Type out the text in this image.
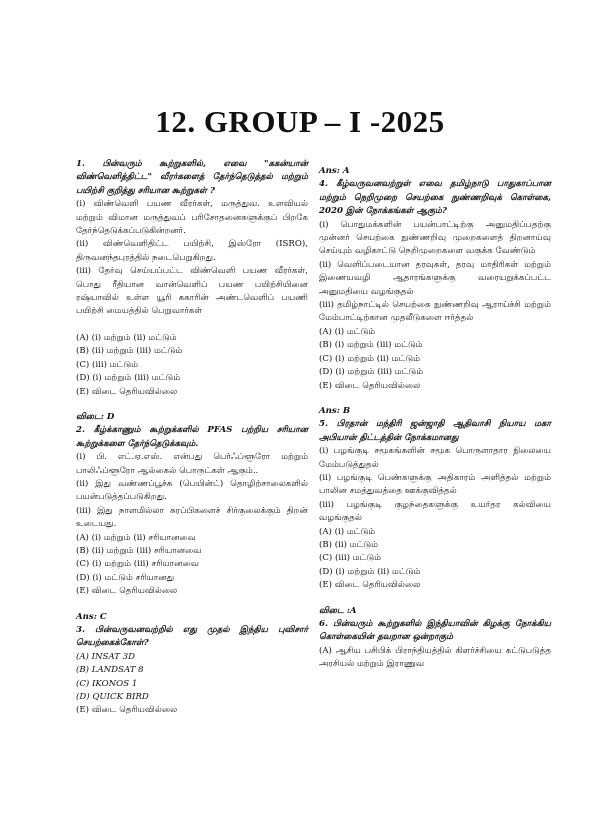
12. GROUP – I -2025
1. பின்வரும் கூற்றுகளில், எவை "ககன்யான் விண்வெளித்திட்ட" வீரர்களைத் தேர்ந்தெடுத்தல் மற்றும் பயிற்சி குறித்து சரியான கூற்றுகள் ?
(i) விண்வெளி பயண வீரர்கள், மருத்துவ. உளவியல் மற்றும் விமான மருத்துவப் பரிசோதனைகளுக்குப் பிறகே தேர்ந்தெடுக்கப்படுகின்றனர்.
(ii) விண்வெளிதிட்ட பயிற்சி, இஸ்ரோ (ISRO), திருவனந்தபுரத்தில் நடைபெறுகிறது.
(iii) தேர்வு செய்யப்பட்ட விண்வெளி பயண வீரர்கள், பொது ரீதியான வான்வெளிப் பயண பயிற்சியினை ரஷ்யாவில் உள்ள யூரி ககாரின் அண்டவெளிப் பயணி பயிற்சி மையத்தில் பெறுவார்கள்
(A) (i) மற்றும் (ii) மட்டும்
(B) (ii) மற்றும் (iii) மட்டும்
(C) (iii) மட்டும்
(D) (i) மற்றும் (iii) மட்டும்
(E) விடை தெரியவில்லை
விடை: D
2. கீழ்க்காணும் கூற்றுக்களில் PFAS பற்றிய சரியான கூற்றுக்களை தேர்ந்தெடுக்கவும்.
(i) பி. எட்.ஏ.எஸ். என்பது பெர்ஃப்ளூரோ மற்றும் பாலிஃப்ளூரோ ஆல்கைல் பொருட்கள் ஆகும்..
(ii) இது வண்ணப்பூச்சு (பெயின்ட்) தொழிற்சாலைகளில் பயன்படுத்தப்படுகிறது.
(iii) இது நாளமில்லா சுரப்பிகளைச் சிர்குலைக்கும் திறன் உடையது.
(A) (i) மற்றும் (ii) சரியானவை
(B) (ii) மற்றும் (iii) சரியானவை
(C) (i) மற்றும் (iii) சரியானவை
(D) (i) மட்டும் சரியானது
(E) விடை தெரியவில்லை
Ans: C
3. பின்வருவனவற்றில் எது முதல் இந்திய புவிசார் செயற்கைக்கோள்?
(A) INSAT 3D
(B) LANDSAT 8
(C) IKONOS 1
(D) QUICK BIRD
(E) விடை தெரியவில்லை
Ans: A
4. கீழ்வருவனவற்றுள் எவை தமிழ்நாடு பாதுகாப்பான மற்றும் நெறிமுறை செயற்கை நுண்ணறிவுக் கொள்கை, 2020 இன் நோக்கங்கள் ஆகும்?
(i) பொதுமக்களின் பயன்பாட்டிற்கு அனுமதிப்பதற்கு முன்னர் செயற்கை நுண்ணறிவு முறைகளைத் திறனாய்வு செய்யும் வழிகாட்டு நெறிமுறைகளை வகுக்க வேண்டும்
(ii) வெளிப்படையான தரவுகள், தரவு மாதிரிகள் மற்றும் இணையவழி ஆதாரங்களுக்கு வரையறுக்கப்பட்ட அனுமதியை வழங்குதல்
(iii) தமிழ்நாட்டில் செயற்கை நுண்ணறிவு ஆராய்ச்சி மற்றும் மேம்பாட்டிற்கான முதலீடுகளை ஈர்த்தல்
(A) (i) மட்டும்
(B) (i) மற்றும் (iii) மட்டும்
(C) (i) மற்றும் (ii) மட்டும்
(D) (i) மற்றும் (iii) மட்டும்
(E) விடை தெரியவில்லை
Ans: B
5. பிரதான் மந்திரி ஜன்ஜாதி ஆதிவாசி நியாய மகா அபியான் திட்டத்தின் நோக்கமானது
(i) பழங்குடி சமூகங்களின் சமூக பொருளாதார நிலையை மேம்படுத்துதல்
(ii) பழங்குடி பெண்களுக்கு அதிகாரம் அளித்தல் மற்றும் பாலின சமத்துவத்தை ஊக்குவித்தல்
(iii) பழங்குடி குழந்தைகளுக்கு உயர்தர கல்வியை வழங்குதல்
(A) (i) மட்டும்
(B) (ii) மட்டும்
(C) (iii) மட்டும்
(D) (i) மற்றும் (ii) மட்டும்
(E) விடை தெரியவில்லை
விடை :A
6. பின்வரும் கூற்றுகளில் இந்தியாவின் கிழக்கு நோக்கிய கொள்கையின் தவறான ஒன்றாகும்
(A) ஆசிய பசிபிக் பிராந்தியத்தில் கிளர்ச்சியை கட்டுபடுத்த அரசியல் மற்றும் இராணுவ
